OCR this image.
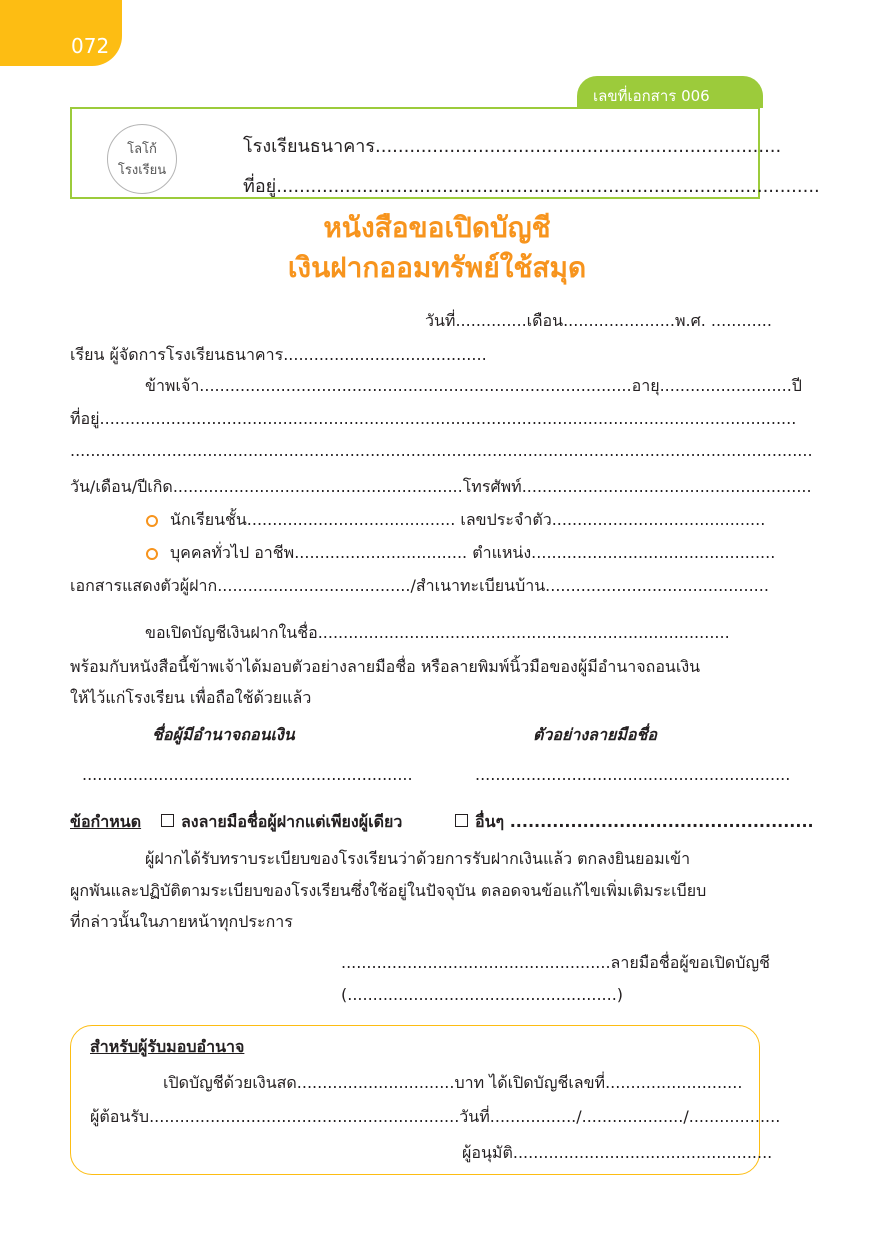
072
เลขที่เอกสาร 006
โลโก้
โรงเรียน
โรงเรียนธนาคาร.......................................................................
ที่อยู่...............................................................................................
หนังสือขอเปิดบัญชี
เงินฝากออมทรัพย์ใช้สมุด
วันที่..............เดือน......................พ.ศ. ............
เรียน ผู้จัดการโรงเรียนธนาคาร........................................
ข้าพเจ้า.....................................................................................อายุ..........................ปี
ที่อยู่.........................................................................................................................................
..................................................................................................................................................
วัน/เดือน/ปีเกิด.........................................................โทรศัพท์.........................................................
นักเรียนชั้น......................................... เลขประจำตัว..........................................
บุคคลทั่วไป อาชีพ.................................. ตำแหน่ง................................................
เอกสารแสดงตัวผู้ฝาก....................................../สำเนาทะเบียนบ้าน............................................
ขอเปิดบัญชีเงินฝากในชื่อ.................................................................................
พร้อมกับหนังสือนี้ข้าพเจ้าได้มอบตัวอย่างลายมือชื่อ หรือลายพิมพ์นิ้วมือของผู้มีอำนาจถอนเงิน
ให้ไว้แก่โรงเรียน เพื่อถือใช้ด้วยแล้ว
ชื่อผู้มีอำนาจถอนเงิน	ตัวอย่างลายมือชื่อ
.................................................................	..............................................................
ข้อกำหนด ลงลายมือชื่อผู้ฝากแต่เพียงผู้เดียว	อื่นๆ ..................................................
ผู้ฝากได้รับทราบระเบียบของโรงเรียนว่าด้วยการรับฝากเงินแล้ว ตกลงยินยอมเข้า
ผูกพันและปฏิบัติตามระเบียบของโรงเรียนซึ่งใช้อยู่ในปัจจุบัน ตลอดจนข้อแก้ไขเพิ่มเติมระเบียบ
ที่กล่าวนั้นในภายหน้าทุกประการ
.....................................................ลายมือชื่อผู้ขอเปิดบัญชี
(.....................................................)
สำหรับผู้รับมอบอำนาจ
เปิดบัญชีด้วยเงินสด...............................บาท ได้เปิดบัญชีเลขที่...........................
ผู้ต้อนรับ.............................................................วันที่................./..................../..................
ผู้อนุมัติ...................................................
